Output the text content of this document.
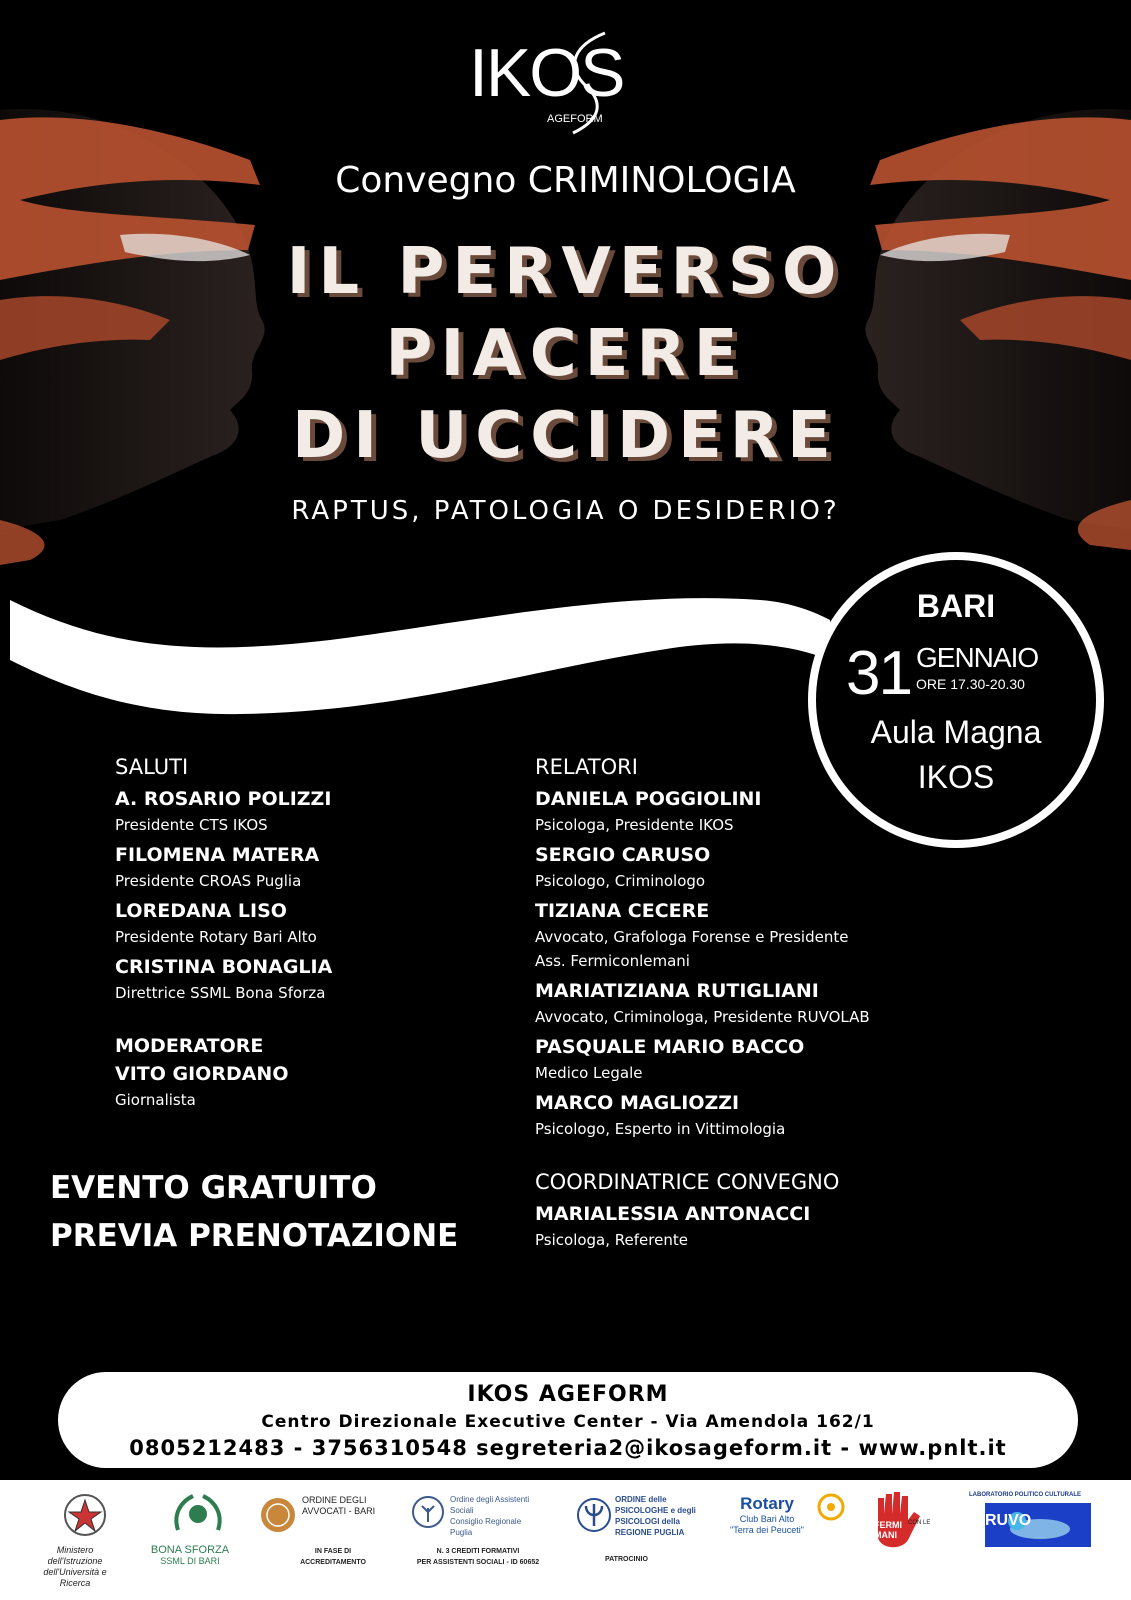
IKOS
AGEFORM
Convegno CRIMINOLOGIA
IL PERVERSO
PIACERE
DI UCCIDERE
RAPTUS, PATOLOGIA O DESIDERIO?
BARI
31 GENNAIO
ORE 17.30-20.30
Aula Magna
IKOS
SALUTI
A. ROSARIO POLIZZI
Presidente CTS IKOS
FILOMENA MATERA
Presidente CROAS Puglia
LOREDANA LISO
Presidente Rotary Bari Alto
CRISTINA BONAGLIA
Direttrice SSML Bona Sforza
MODERATORE
VITO GIORDANO
Giornalista
RELATORI
DANIELA POGGIOLINI
Psicologa, Presidente IKOS
SERGIO CARUSO
Psicologo, Criminologo
TIZIANA CECERE
Avvocato, Grafologa Forense e Presidente
Ass. Fermiconlemani
MARIATIZIANA RUTIGLIANI
Avvocato, Criminologa, Presidente RUVOLAB
PASQUALE MARIO BACCO
Medico Legale
MARCO MAGLIOZZI
Psicologo, Esperto in Vittimologia
COORDINATRICE CONVEGNO
MARIALESSIA ANTONACCI
Psicologa, Referente
EVENTO GRATUITO
PREVIA PRENOTAZIONE
IKOS AGEFORM
Centro Direzionale Executive Center - Via Amendola 162/1
0805212483 - 3756310548 segreteria2@ikosageform.it - www.pnlt.it
Ministero dell'Istruzione
dell'Università e Ricerca
BONA SFORZA
SSML DI BARI
ORDINE DEGLI
AVVOCATI - BARI
IN FASE DI
ACCREDITAMENTO
Ordine degli Assistenti Sociali
Consiglio Regionale Puglia
N. 3 CREDITI FORMATIVI
PER ASSISTENTI SOCIALI - ID 60652
ORDINE delle PSICOLOGHE e degli
PSICOLOGI della REGIONE PUGLIA
PATROCINIO
Rotary
Club Bari Alto
"Terra dei Peuceti"	FERMI
MANI
CON LE
LABORATORIO POLITICO CULTURALE
RUVO
